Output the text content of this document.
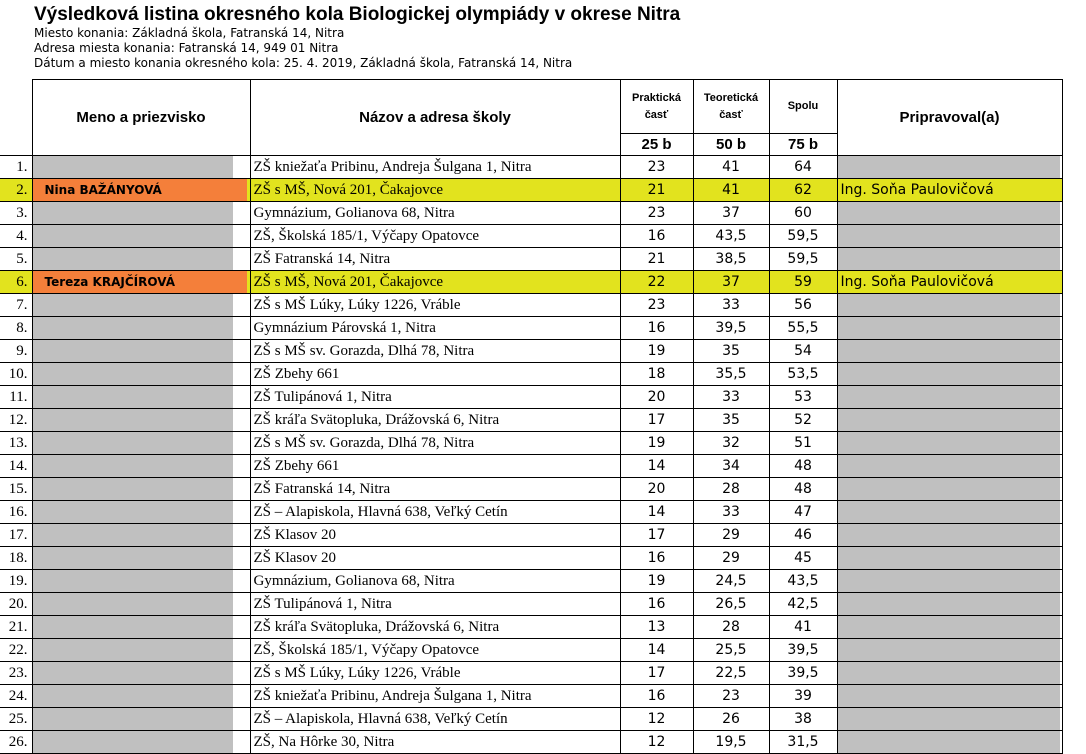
Výsledková listina okresného kola Biologickej olympiády v okrese Nitra

Miesto konania: Základná škola, Fatranská 14, Nitra

Adresa miesta konania: Fatranská 14, 949 01 Nitra

Dátum a miesto konania okresného kola: 25. 4. 2019, Základná škola, Fatranská 14, Nitra

	Meno a priezvisko	Názov a adresa školy	Praktická časť	Teoretická časť	Spolu	Pripravoval(a)
			25 b	50 b	75 b	
1.		ZŠ kniežaťa Pribinu, Andreja Šulgana 1, Nitra	23	41	64	

2.	Nina BAŽÁNYOVÁ	ZŠ s MŠ, Nová 201, Čakajovce	21	41	62	Ing. Soňa Paulovičová
3.		Gymnázium, Golianova 68, Nitra	23	37	60	

4.		ZŠ, Školská 185/1, Výčapy Opatovce	16	43,5	59,5	

5.		ZŠ Fatranská 14, Nitra	21	38,5	59,5	

6.	Tereza KRAJČÍROVÁ	ZŠ s MŠ, Nová 201, Čakajovce	22	37	59	Ing. Soňa Paulovičová
7.		ZŠ s MŠ Lúky, Lúky 1226, Vráble	23	33	56	

8.		Gymnázium Párovská 1, Nitra	16	39,5	55,5	

9.		ZŠ s MŠ sv. Gorazda, Dlhá 78, Nitra	19	35	54	

10.		ZŠ Zbehy 661	18	35,5	53,5	

11.		ZŠ Tulipánová 1, Nitra	20	33	53	

12.		ZŠ kráľa Svätopluka, Drážovská 6, Nitra	17	35	52	

13.		ZŠ s MŠ sv. Gorazda, Dlhá 78, Nitra	19	32	51	

14.		ZŠ Zbehy 661	14	34	48	

15.		ZŠ Fatranská 14, Nitra	20	28	48	

16.		ZŠ – Alapiskola, Hlavná 638, Veľký Cetín	14	33	47	

17.		ZŠ Klasov 20	17	29	46	

18.		ZŠ Klasov 20	16	29	45	

19.		Gymnázium, Golianova 68, Nitra	19	24,5	43,5	

20.		ZŠ Tulipánová 1, Nitra	16	26,5	42,5	

21.		ZŠ kráľa Svätopluka, Drážovská 6, Nitra	13	28	41	

22.		ZŠ, Školská 185/1, Výčapy Opatovce	14	25,5	39,5	

23.		ZŠ s MŠ Lúky, Lúky 1226, Vráble	17	22,5	39,5	

24.		ZŠ kniežaťa Pribinu, Andreja Šulgana 1, Nitra	16	23	39	

25.		ZŠ – Alapiskola, Hlavná 638, Veľký Cetín	12	26	38	

26.		ZŠ, Na Hôrke 30, Nitra	12	19,5	31,5	
